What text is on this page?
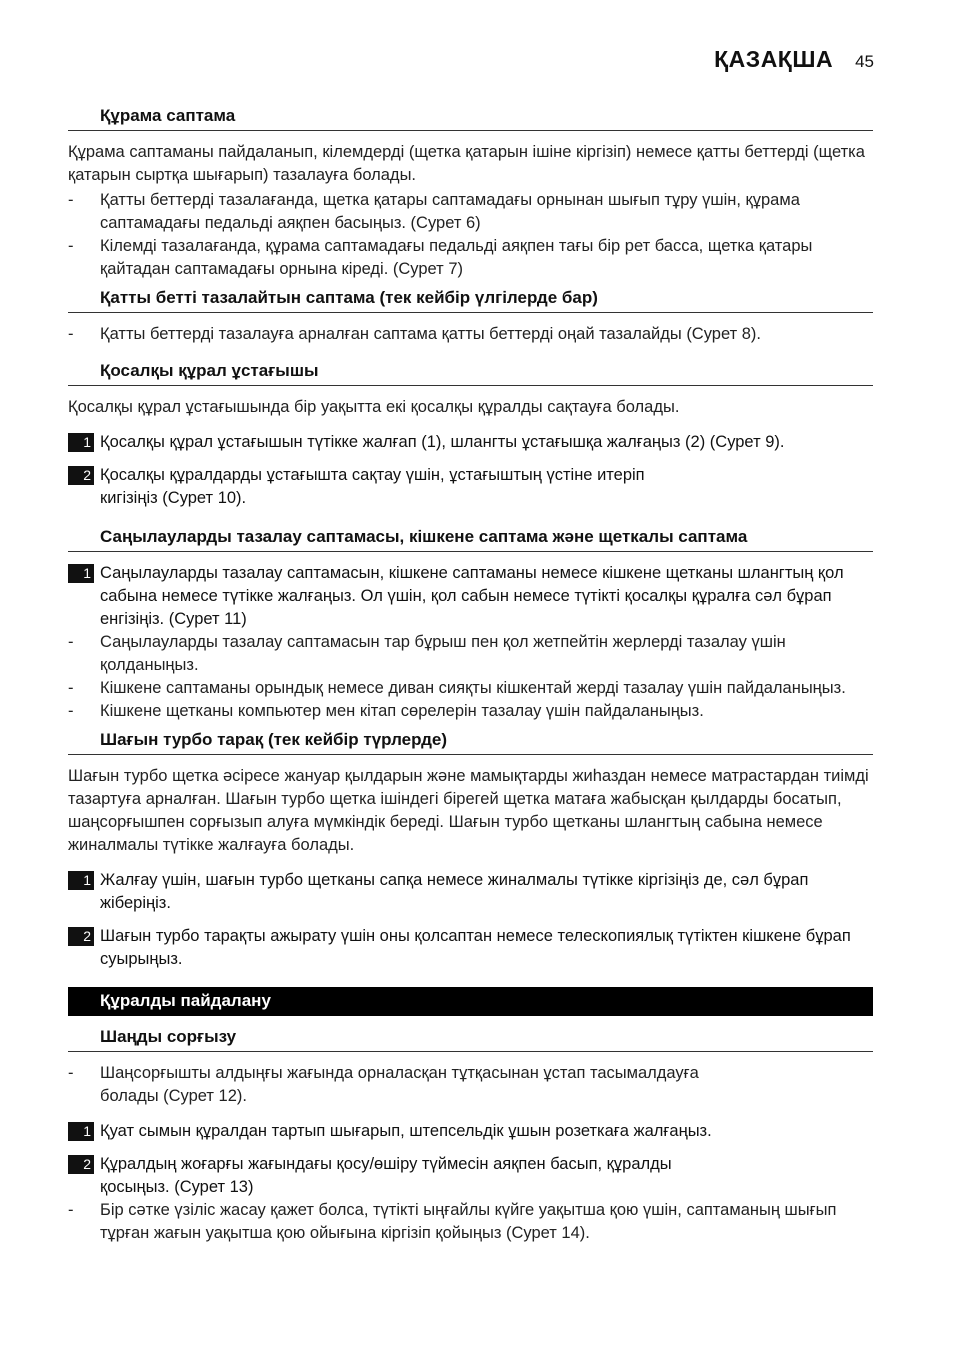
ҚАЗАҚША 45
Құрама саптама

Құрама саптаманы пайдаланып, кілемдерді (щетка қатарын ішіне кіргізіп) немесе қатты беттерді (щетка қатарын сыртқа шығарып) тазалауға болады.

- Қатты беттерді тазалағанда, щетка қатары саптамадағы орнынан шығып тұру үшін, құрама саптамадағы педальді аяқпен басыңыз. (Сурет 6)
- Кілемді тазалағанда, құрама саптамадағы педальді аяқпен тағы бір рет басса, щетка қатары қайтадан саптамадағы орнына кіреді. (Сурет 7)
Қатты бетті тазалайтын саптама (тек кейбір үлгілерде бар)
- Қатты беттерді тазалауға арналған саптама қатты беттерді оңай тазалайды (Сурет 8).
Қосалқы құрал ұстағышы

Қосалқы құрал ұстағышында бір уақытта екі қосалқы құралды сақтауға болады.

1 Қосалқы құрал ұстағышын түтікке жалғап (1), шлангты ұстағышқа жалғаңыз (2) (Сурет 9).
2 Қосалқы құралдарды ұстағышта сақтау үшін, ұстағыштың үстіне итеріп кигізіңіз (Сурет 10).
Саңылауларды тазалау саптамасы, кішкене саптама және щеткалы саптама
1 Саңылауларды тазалау саптамасын, кішкене саптаманы немесе кішкене щетканы шлангтың қол сабына немесе түтікке жалғаңыз. Ол үшін, қол сабын немесе түтікті қосалқы құралға сәл бұрап енгізіңіз. (Сурет 11)
- Саңылауларды тазалау саптамасын тар бұрыш пен қол жетпейтін жерлерді тазалау үшін қолданыңыз.
- Кішкене саптаманы орындық немесе диван сияқты кішкентай жерді тазалау үшін пайдаланыңыз.
- Кішкене щетканы компьютер мен кітап сөрелерін тазалау үшін пайдаланыңыз.
Шағын турбо тарақ (тек кейбір түрлерде)

Шағын турбо щетка әсіресе жануар қылдарын және мамықтарды жиһаздан немесе матрастардан тиімді тазартуға арналған. Шағын турбо щетка ішіндегі бірегей щетка матаға жабысқан қылдарды босатып, шаңсорғышпен сорғызып алуға мүмкіндік береді. Шағын турбо щетканы шлангтың сабына немесе жиналмалы түтікке жалғауға болады.

1 Жалғау үшін, шағын турбо щетканы сапқа немесе жиналмалы түтікке кіргізіңіз де, сәл бұрап жіберіңіз.
2 Шағын турбо тарақты ажырату үшін оны қолсаптан немесе телескопиялық түтіктен кішкене бұрап суырыңыз.
Құралды пайдалану
Шаңды сорғызу
- Шаңсорғышты алдыңғы жағында орналасқан тұтқасынан ұстап тасымалдауға болады (Сурет 12).
1 Қуат сымын құралдан тартып шығарып, штепсельдік ұшын розеткаға жалғаңыз.
2 Құралдың жоғарғы жағындағы қосу/өшіру түймесін аяқпен басып, құралды қосыңыз. (Сурет 13)
- Бір сәтке үзіліс жасау қажет болса, түтікті ыңғайлы күйге уақытша қою үшін, саптаманың шығып тұрған жағын уақытша қою ойығына кіргізіп қойыңыз (Сурет 14).
